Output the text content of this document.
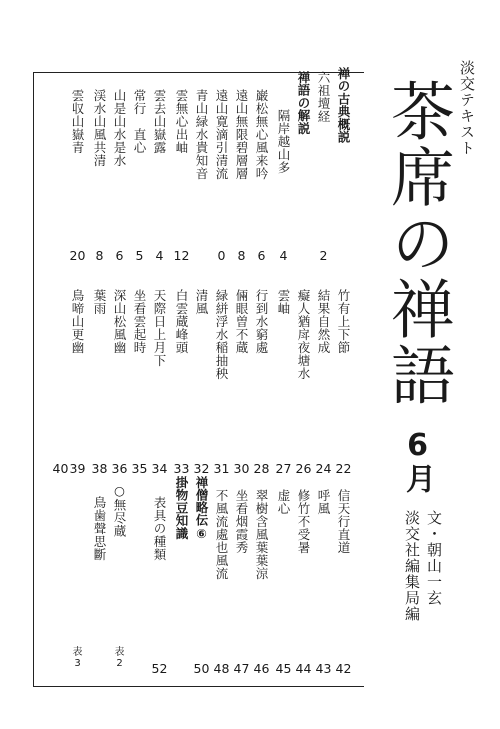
淡交テキスト
茶席の禅語
6月
文・朝山一玄
淡交社編集局編
禅の古典概説
竹有上下節
22
信天行直道
42
六祖壇経
2
結果自然成
24
呼風
43
禅語の解説
癡人猶戽夜塘水
26
修竹不受暑
44
隔岸越山多
4
雲岫
27
虚心
45
巌松無心風来吟
6
行到水窮處
28
翠樹含風葉葉涼
46
遠山無限碧層層
8
倆眼曽不蔵
30
坐看烟霞秀
47
遠山寛滴引清流
0
緑絣浮水稲抽秧
31
不風流處也風流
48
青山緑水貴知音
清風
32
禅僧略伝⑥
50
雲無心出岫
12
白雲蔵峰頭
33
掛物豆知識
雲去山嶽露
4
天際日上月下
34
表具の種類
52
常行　直心
5
坐看雲起時
35
山是山水是水
6
深山松風幽
36
○無尽蔵
表
2
渓水山風共清
8
葉雨
38
鳥歯聲思斷
雲収山嶽青
20
鳥啼山更幽
39
表
3
40
